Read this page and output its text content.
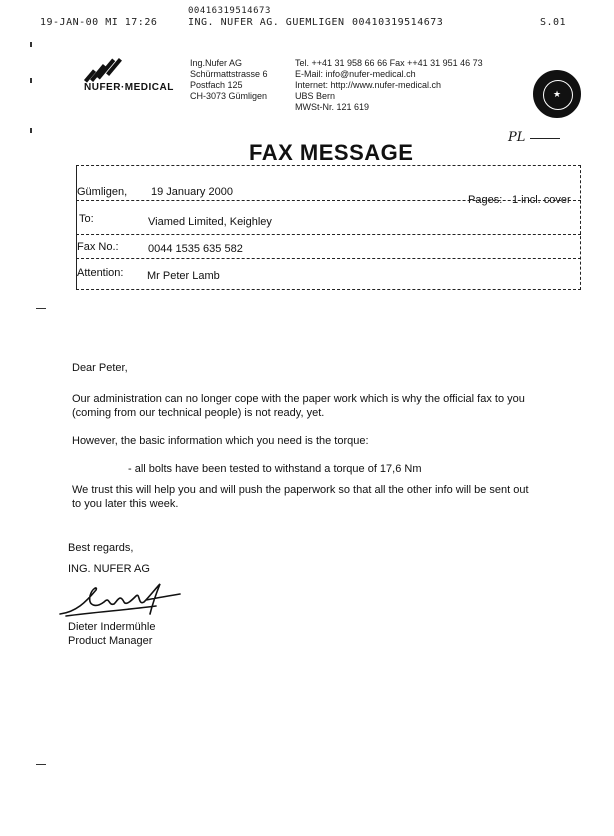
00416319514673
19-JAN-00 MI 17:26	ING. NUFER AG. GUEMLIGEN 00410319514673	S.01
NUFER·MEDICAL
Ing.Nufer AG
Schürmattstrasse 6
Postfach 125
CH-3073 Gümligen
Tel. ++41 31 958 66 66 Fax ++41 31 951 46 73
E-Mail: info@nufer-medical.ch
Internet: http://www.nufer-medical.ch
UBS Bern
MWSt-Nr. 121 619
★
PL
FAX MESSAGE
Gümligen, 19 January 2000
Pages: 1 incl. cover
To:	Viamed Limited, Keighley
Fax No.:	0044 1535 635 582
Attention: Mr Peter Lamb
Dear Peter,
Our administration can no longer cope with the paper work which is why the official fax to you
(coming from our technical people) is not ready, yet.
However, the basic information which you need is the torque:
- all bolts have been tested to withstand a torque of 17,6 Nm
We trust this will help you and will push the paperwork so that all the other info will be sent out
to you later this week.
Best regards,
ING. NUFER AG
Dieter Indermühle
Product Manager
